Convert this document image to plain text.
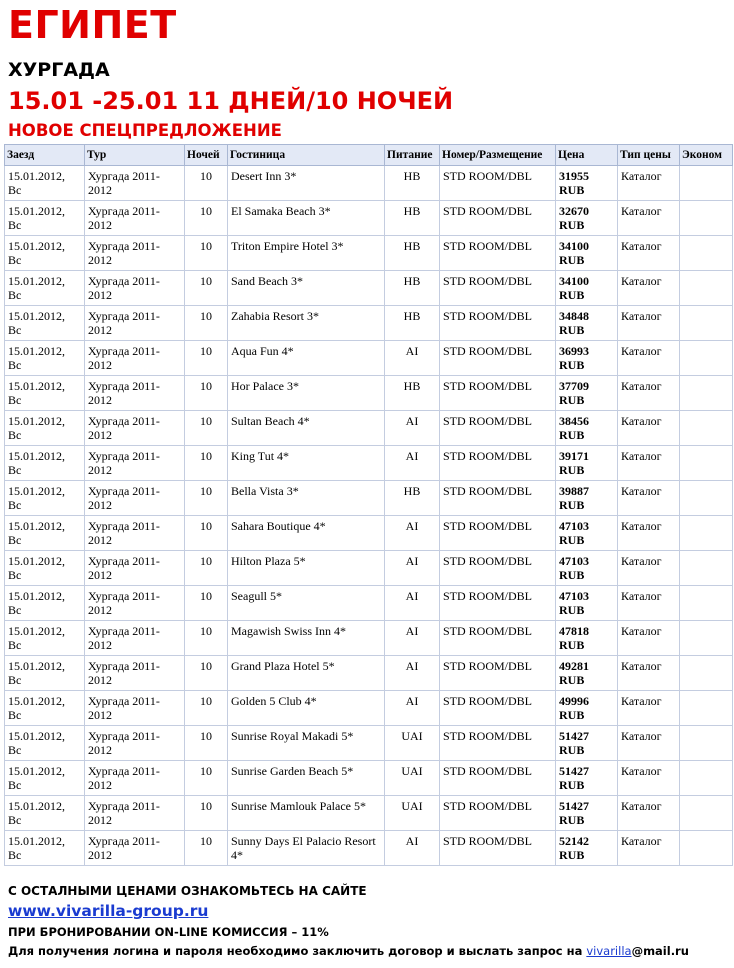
ЕГИПЕТ
ХУРГАДА
15.01 -25.01 11 ДНЕЙ/10 НОЧЕЙ
НОВОЕ СПЕЦПРЕДЛОЖЕНИЕ
Заезд	Тур	Ночей	Гостиница	Питание	Номер/Размещение	Цена	Тип цены	Эконом
15.01.2012, Вс	Хургада 2011-2012	10	Desert Inn 3*	HB	STD ROOM/DBL	31955 RUB	Каталог	
15.01.2012, Вс	Хургада 2011-2012	10	El Samaka Beach 3*	HB	STD ROOM/DBL	32670 RUB	Каталог	
15.01.2012, Вс	Хургада 2011-2012	10	Triton Empire Hotel 3*	HB	STD ROOM/DBL	34100 RUB	Каталог	
15.01.2012, Вс	Хургада 2011-2012	10	Sand Beach 3*	HB	STD ROOM/DBL	34100 RUB	Каталог	
15.01.2012, Вс	Хургада 2011-2012	10	Zahabia Resort 3*	HB	STD ROOM/DBL	34848 RUB	Каталог	
15.01.2012, Вс	Хургада 2011-2012	10	Aqua Fun 4*	AI	STD ROOM/DBL	36993 RUB	Каталог	
15.01.2012, Вс	Хургада 2011-2012	10	Hor Palace 3*	HB	STD ROOM/DBL	37709 RUB	Каталог	
15.01.2012, Вс	Хургада 2011-2012	10	Sultan Beach 4*	AI	STD ROOM/DBL	38456 RUB	Каталог	
15.01.2012, Вс	Хургада 2011-2012	10	King Tut 4*	AI	STD ROOM/DBL	39171 RUB	Каталог	
15.01.2012, Вс	Хургада 2011-2012	10	Bella Vista 3*	HB	STD ROOM/DBL	39887 RUB	Каталог	
15.01.2012, Вс	Хургада 2011-2012	10	Sahara Boutique 4*	AI	STD ROOM/DBL	47103 RUB	Каталог	
15.01.2012, Вс	Хургада 2011-2012	10	Hilton Plaza 5*	AI	STD ROOM/DBL	47103 RUB	Каталог	
15.01.2012, Вс	Хургада 2011-2012	10	Seagull 5*	AI	STD ROOM/DBL	47103 RUB	Каталог	
15.01.2012, Вс	Хургада 2011-2012	10	Magawish Swiss Inn 4*	AI	STD ROOM/DBL	47818 RUB	Каталог	
15.01.2012, Вс	Хургада 2011-2012	10	Grand Plaza Hotel 5*	AI	STD ROOM/DBL	49281 RUB	Каталог	
15.01.2012, Вс	Хургада 2011-2012	10	Golden 5 Club 4*	AI	STD ROOM/DBL	49996 RUB	Каталог	
15.01.2012, Вс	Хургада 2011-2012	10	Sunrise Royal Makadi 5*	UAI	STD ROOM/DBL	51427 RUB	Каталог	
15.01.2012, Вс	Хургада 2011-2012	10	Sunrise Garden Beach 5*	UAI	STD ROOM/DBL	51427 RUB	Каталог	
15.01.2012, Вс	Хургада 2011-2012	10	Sunrise Mamlouk Palace 5*	UAI	STD ROOM/DBL	51427 RUB	Каталог	
15.01.2012, Вс	Хургада 2011-2012	10	Sunny Days El Palacio Resort 4*	AI	STD ROOM/DBL	52142 RUB	Каталог	
С ОСТАЛНЫМИ ЦЕНАМИ ОЗНАКОМЬТЕСЬ НА САЙТЕ
www.vivarilla-group.ru
ПРИ БРОНИРОВАНИИ ON-LINE КОМИССИЯ – 11%
Для получения логина и пароля необходимо заключить договор и выслать запрос на vivarilla@mail.ru
